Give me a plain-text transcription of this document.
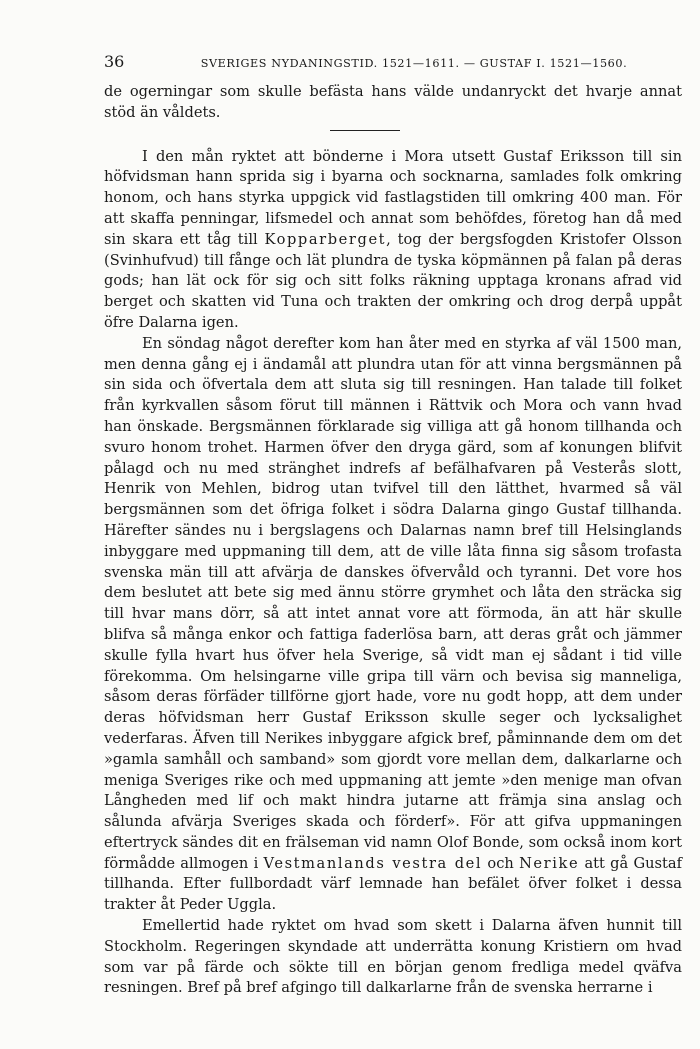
36	SVERIGES NYDANINGSTID. 1521—1611. — GUSTAF I. 1521—1560.

de ogerningar som skulle befästa hans välde undanryckt det hvarje annat stöd än våldets.

I den mån ryktet att bönderne i Mora utsett Gustaf Eriksson till sin höfvidsman hann sprida sig i byarna och socknarna, samlades folk omkring honom, och hans styrka uppgick vid fastlagstiden till omkring 400 man. För att skaffa penningar, lifsmedel och annat som behöfdes, företog han då med sin skara ett tåg till Kopparberget, tog der bergsfogden Kristofer Olsson (Svinhufvud) till fånge och lät plundra de tyska köpmännen på falan på deras gods; han lät ock för sig och sitt folks räkning upptaga kronans afrad vid berget och skatten vid Tuna och trakten der omkring och drog derpå uppåt öfre Dalarna igen.

En söndag något derefter kom han åter med en styrka af väl 1500 man, men denna gång ej i ändamål att plundra utan för att vinna bergsmännen på sin sida och öfvertala dem att sluta sig till resningen. Han talade till folket från kyrkvallen såsom förut till männen i Rättvik och Mora och vann hvad han önskade. Bergsmännen förklarade sig villiga att gå honom tillhanda och svuro honom trohet. Harmen öfver den dryga gärd, som af konungen blifvit pålagd och nu med stränghet indrefs af befälhafvaren på Vesterås slott, Henrik von Mehlen, bidrog utan tvifvel till den lätthet, hvarmed så väl bergsmännen som det öfriga folket i södra Dalarna gingo Gustaf tillhanda. Härefter sändes nu i bergslagens och Dalarnas namn bref till Helsinglands inbyggare med uppmaning till dem, att de ville låta finna sig såsom trofasta svenska män till att afvärja de danskes öfvervåld och tyranni. Det vore hos dem beslutet att bete sig med ännu större grymhet och låta den sträcka sig till hvar mans dörr, så att intet annat vore att förmoda, än att här skulle blifva så många enkor och fattiga faderlösa barn, att deras gråt och jämmer skulle fylla hvart hus öfver hela Sverige, så vidt man ej sådant i tid ville förekomma. Om helsingarne ville gripa till värn och bevisa sig manneliga, såsom deras förfäder tillförne gjort hade, vore nu godt hopp, att dem under deras höfvidsman herr Gustaf Eriksson skulle seger och lycksalighet vederfaras. Äfven till Nerikes inbyggare afgick bref, påminnande dem om det »gamla samhåll och samband» som gjordt vore mellan dem, dalkarlarne och meniga Sveriges rike och med uppmaning att jemte »den menige man ofvan Långheden med lif och makt hindra jutarne att främja sina anslag och sålunda afvärja Sveriges skada och förderf». För att gifva uppmaningen eftertryck sändes dit en frälseman vid namn Olof Bonde, som också inom kort förmådde allmogen i Vestmanlands vestra del och Nerike att gå Gustaf tillhanda. Efter fullbordadt värf lemnade han befälet öfver folket i dessa trakter åt Peder Uggla.

Emellertid hade ryktet om hvad som skett i Dalarna äfven hunnit till Stockholm. Regeringen skyndade att underrätta konung Kristiern om hvad som var på färde och sökte till en början genom fredliga medel qväfva resningen. Bref på bref afgingo till dalkarlarne från de svenska herrarne i
